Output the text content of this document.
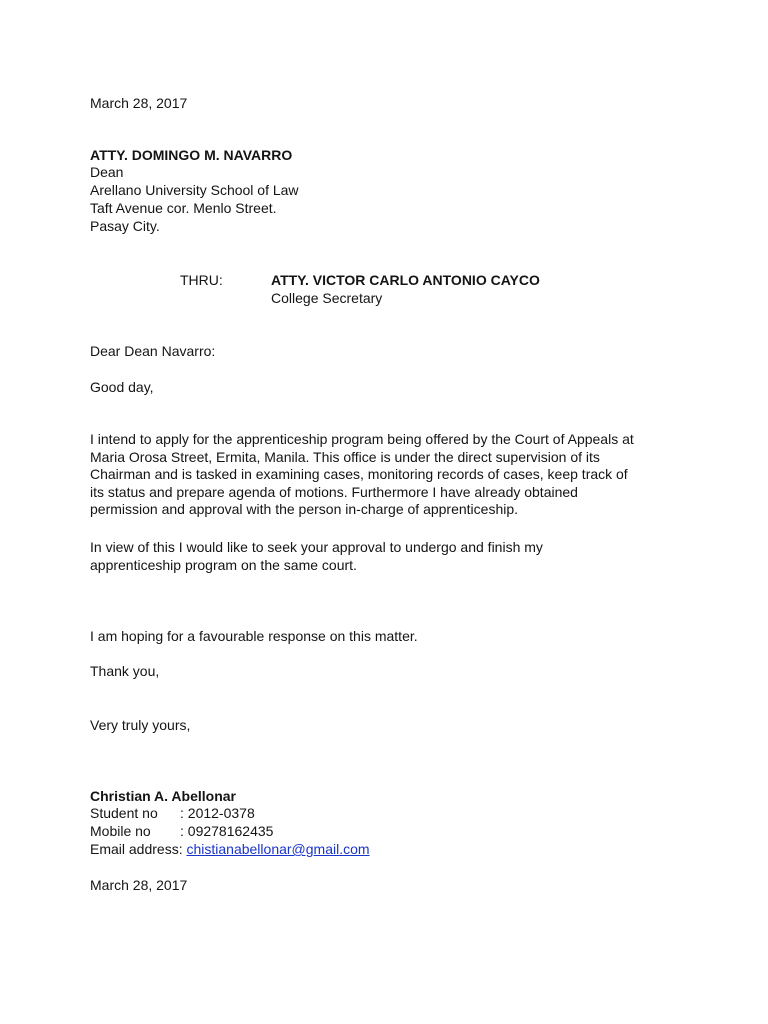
March 28, 2017
ATTY. DOMINGO M. NAVARRO
Dean
Arellano University School of Law
Taft Avenue cor. Menlo Street.
Pasay City.
THRU:	ATTY. VICTOR CARLO ANTONIO CAYCO
College Secretary
Dear Dean Navarro:
Good day,
I intend to apply for the apprenticeship program being offered by the Court of Appeals at
Maria Orosa Street, Ermita, Manila. This office is under the direct supervision of its
Chairman and is tasked in examining cases, monitoring records of cases, keep track of
its status and prepare agenda of motions. Furthermore I have already obtained
permission and approval with the person in-charge of apprenticeship.
In view of this I would like to seek your approval to undergo and finish my
apprenticeship program on the same court.
I am hoping for a favourable response on this matter.
Thank you,
Very truly yours,
Christian A. Abellonar
Student no : 2012-0378
Mobile no : 09278162435
Email address: chistianabellonar@gmail.com
March 28, 2017
